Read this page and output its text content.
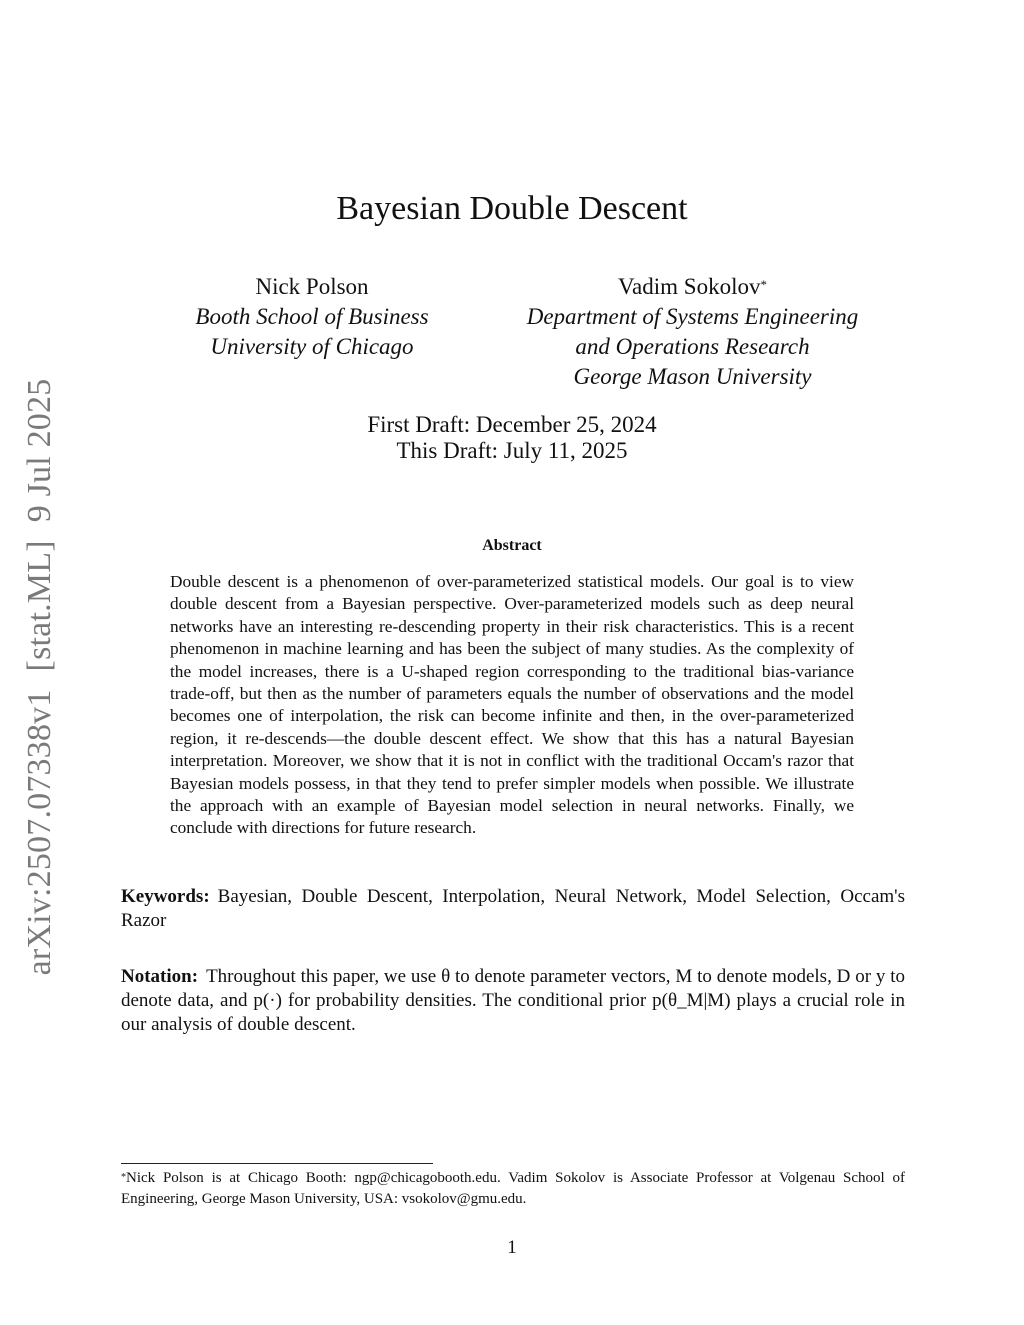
arXiv:2507.07338v1[stat.ML]9 Jul 2025
Bayesian Double Descent
Nick Polson
Booth School of Business
University of Chicago
Vadim Sokolov*
Department of Systems Engineering
and Operations Research
George Mason University
First Draft: December 25, 2024
This Draft: July 11, 2025
Abstract
Double descent is a phenomenon of over-parameterized statistical models. Our goal is to view double descent from a Bayesian perspective. Over-parameterized models such as deep neural networks have an interesting re-descending property in their risk characteristics. This is a recent phenomenon in machine learning and has been the subject of many studies. As the complexity of the model increases, there is a U-shaped region corresponding to the traditional bias-variance trade-off, but then as the number of parameters equals the number of observations and the model becomes one of interpolation, the risk can become infinite and then, in the over-parameterized region, it re-descends—the double descent effect. We show that this has a natural Bayesian interpretation. Moreover, we show that it is not in conflict with the traditional Occam's razor that Bayesian models possess, in that they tend to prefer simpler models when possible. We illustrate the approach with an example of Bayesian model selection in neural networks. Finally, we conclude with directions for future research.
Keywords: Bayesian, Double Descent, Interpolation, Neural Network, Model Selection, Occam's Razor
Notation: Throughout this paper, we use θ to denote parameter vectors, M to denote models, D or y to denote data, and p(·) for probability densities. The conditional prior p(θ_M|M) plays a crucial role in our analysis of double descent.
*Nick Polson is at Chicago Booth: ngp@chicagobooth.edu. Vadim Sokolov is Associate Professor at Volgenau School of Engineering, George Mason University, USA: vsokolov@gmu.edu.
1
